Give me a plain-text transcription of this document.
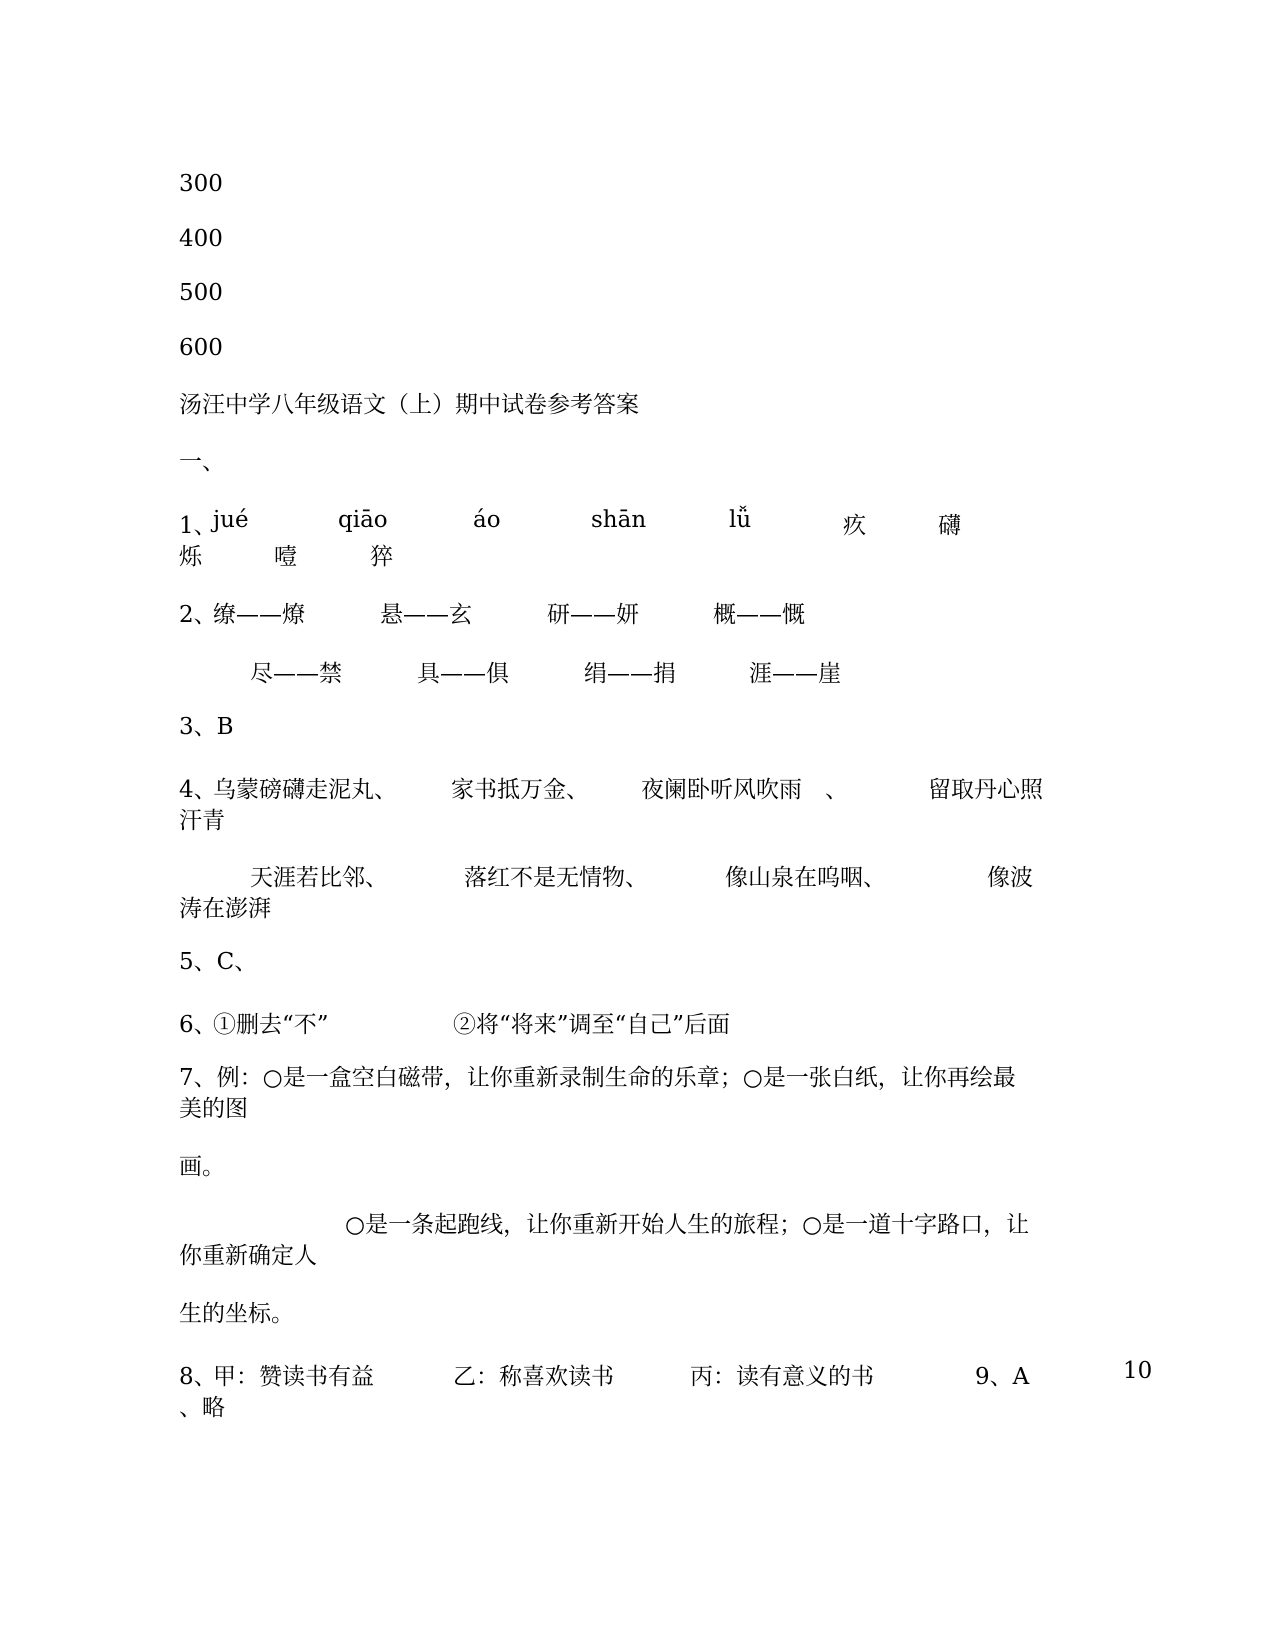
300
400
500
600
汤汪中学八年级语文（上）期中试卷参考答案
一、
1、
jué	qiāo	áo	shān	lǚ	疚	礴
烁	噎	猝
2、
缭——燎	悬——玄	研——妍	概——慨
尽——禁	具——俱	绢——捐	涯——崖
3、B
4、
乌蒙磅礴走泥丸、 家书抵万金、 夜阑卧听风吹雨　、	留取丹心照
汗青
天涯若比邻、	落红不是无情物、	像山泉在呜咽、	像波
涛在澎湃
5、C、
6、
①删去“不”	②将“将来”调至“自己”后面
7、例：○是一盒空白磁带，让你重新录制生命的乐章；○是一张白纸，让你再绘最
美的图
画。
○是一条起跑线，让你重新开始人生的旅程；○是一道十字路口，让
你重新确定人
生的坐标。
8、
甲：赞读书有益	乙：称喜欢读书	丙：读有意义的书	9、A	10
、略
